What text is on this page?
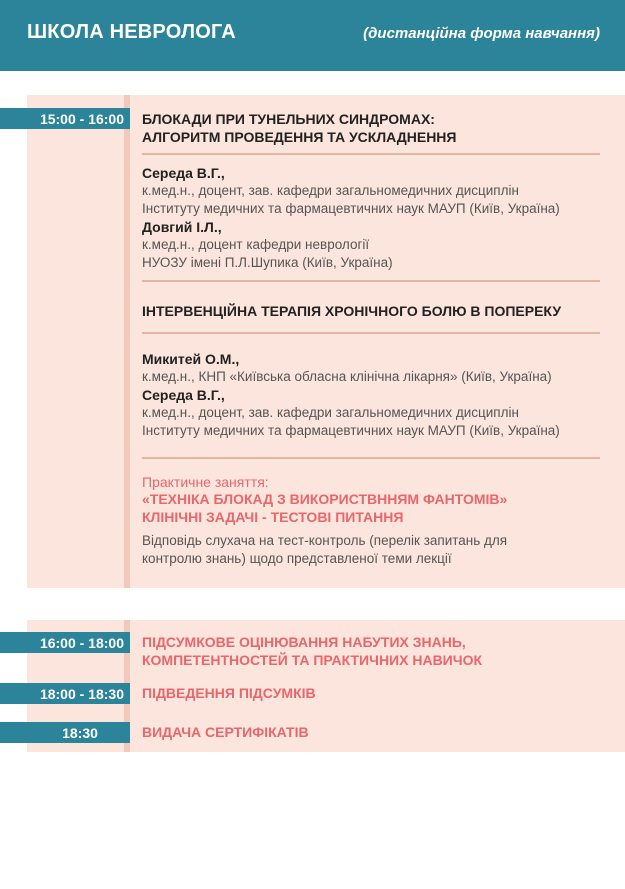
ШКОЛА НЕВРОЛОГА	(дистанційна форма навчання)
15:00 - 16:00	БЛОКАДИ ПРИ ТУНЕЛЬНИХ СИНДРОМАХ:
АЛГОРИТМ ПРОВЕДЕННЯ ТА УСКЛАДНЕННЯ
Середа В.Г.,
к.мед.н., доцент, зав. кафедри загальномедичних дисциплін
Інституту медичних та фармацевтичних наук МАУП (Київ, Україна)
Довгий І.Л.,
к.мед.н., доцент кафедри неврології
НУОЗУ імені П.Л.Шупика (Київ, Україна)
ІНТЕРВЕНЦІЙНА ТЕРАПІЯ ХРОНІЧНОГО БОЛЮ В ПОПЕРЕКУ
Микитей О.М.,
к.мед.н., КНП «Київська обласна клінічна лікарня» (Київ, Україна)
Середа В.Г.,
к.мед.н., доцент, зав. кафедри загальномедичних дисциплін
Інституту медичних та фармацевтичних наук МАУП (Київ, Україна)
Практичне заняття:
«ТЕХНІКА БЛОКАД З ВИКОРИСТВННЯМ ФАНТОМІВ»
КЛІНІЧНІ ЗАДАЧІ - ТЕСТОВІ ПИТАННЯ
Відповідь слухача на тест-контроль (перелік запитань для
контролю знань) щодо представленої теми лекції
16:00 - 18:00	ПІДСУМКОВЕ ОЦІНЮВАННЯ НАБУТИХ ЗНАНЬ,
КОМПЕТЕНТНОСТЕЙ ТА ПРАКТИЧНИХ НАВИЧОК
18:00 - 18:30	ПІДВЕДЕННЯ ПІДСУМКІВ
18:30	ВИДАЧА СЕРТИФІКАТІВ
